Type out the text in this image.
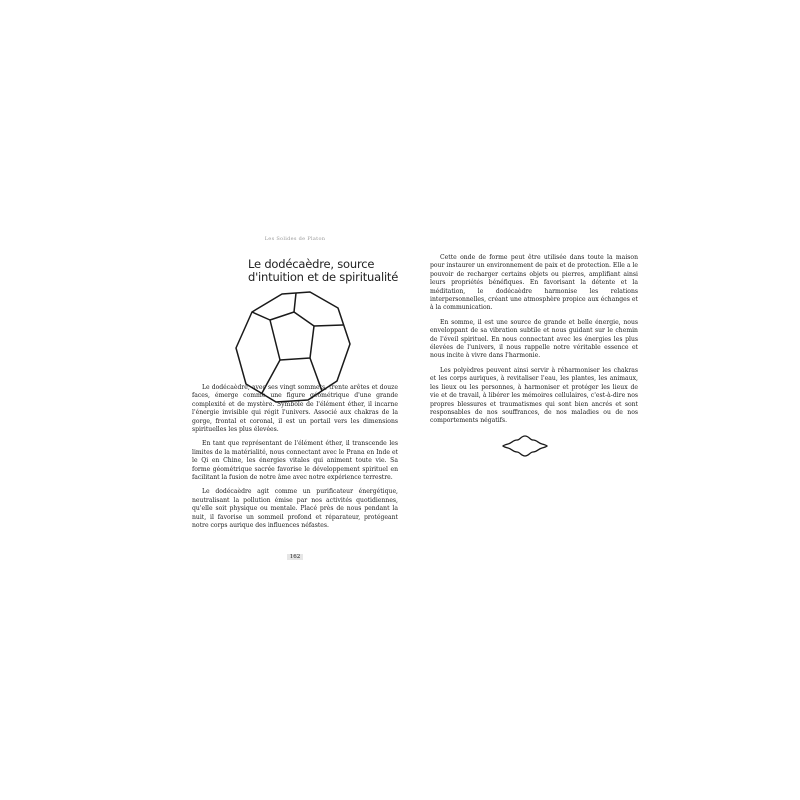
Les Solides de Platon
Le dodécaèdre, source d'intuition et de spiritualité

Le dodécaèdre, avec ses vingt sommets, trente arêtes et douze faces, émerge comme une figure géométrique d'une grande complexité et de mystère. Symbole de l'élément éther, il incarne l'énergie invisible qui régit l'univers. Associé aux chakras de la gorge, frontal et coronal, il est un portail vers les dimensions spirituelles les plus élevées.

En tant que représentant de l'élément éther, il transcende les limites de la matérialité, nous connectant avec le Prana en Inde et le Qi en Chine, les énergies vitales qui animent toute vie. Sa forme géométrique sacrée favorise le développement spirituel en facilitant la fusion de notre âme avec notre expérience terrestre.

Le dodécaèdre agit comme un purificateur énergétique, neutralisant la pollution émise par nos activités quotidiennes, qu'elle soit physique ou mentale. Placé près de nous pendant la nuit, il favorise un sommeil profond et réparateur, protégeant notre corps aurique des influences néfastes.

162

Cette onde de forme peut être utilisée dans toute la maison pour instaurer un environnement de paix et de protection. Elle a le pouvoir de recharger certains objets ou pierres, amplifiant ainsi leurs propriétés bénéfiques. En favorisant la détente et la méditation, le dodécaèdre harmonise les relations interpersonnelles, créant une atmosphère propice aux échanges et à la communication.

En somme, il est une source de grande et belle énergie, nous enveloppant de sa vibration subtile et nous guidant sur le chemin de l'éveil spirituel. En nous connectant avec les énergies les plus élevées de l'univers, il nous rappelle notre véritable essence et nous incite à vivre dans l'harmonie.

Les polyèdres peuvent ainsi servir à réharmoniser les chakras et les corps auriques, à revitaliser l'eau, les plantes, les animaux, les lieux ou les personnes, à harmoniser et protéger les lieux de vie et de travail, à libérer les mémoires cellulaires, c'est-à-dire nos propres blessures et traumatismes qui sont bien ancrés et sont responsables de nos souffrances, de nos maladies ou de nos comportements négatifs.
